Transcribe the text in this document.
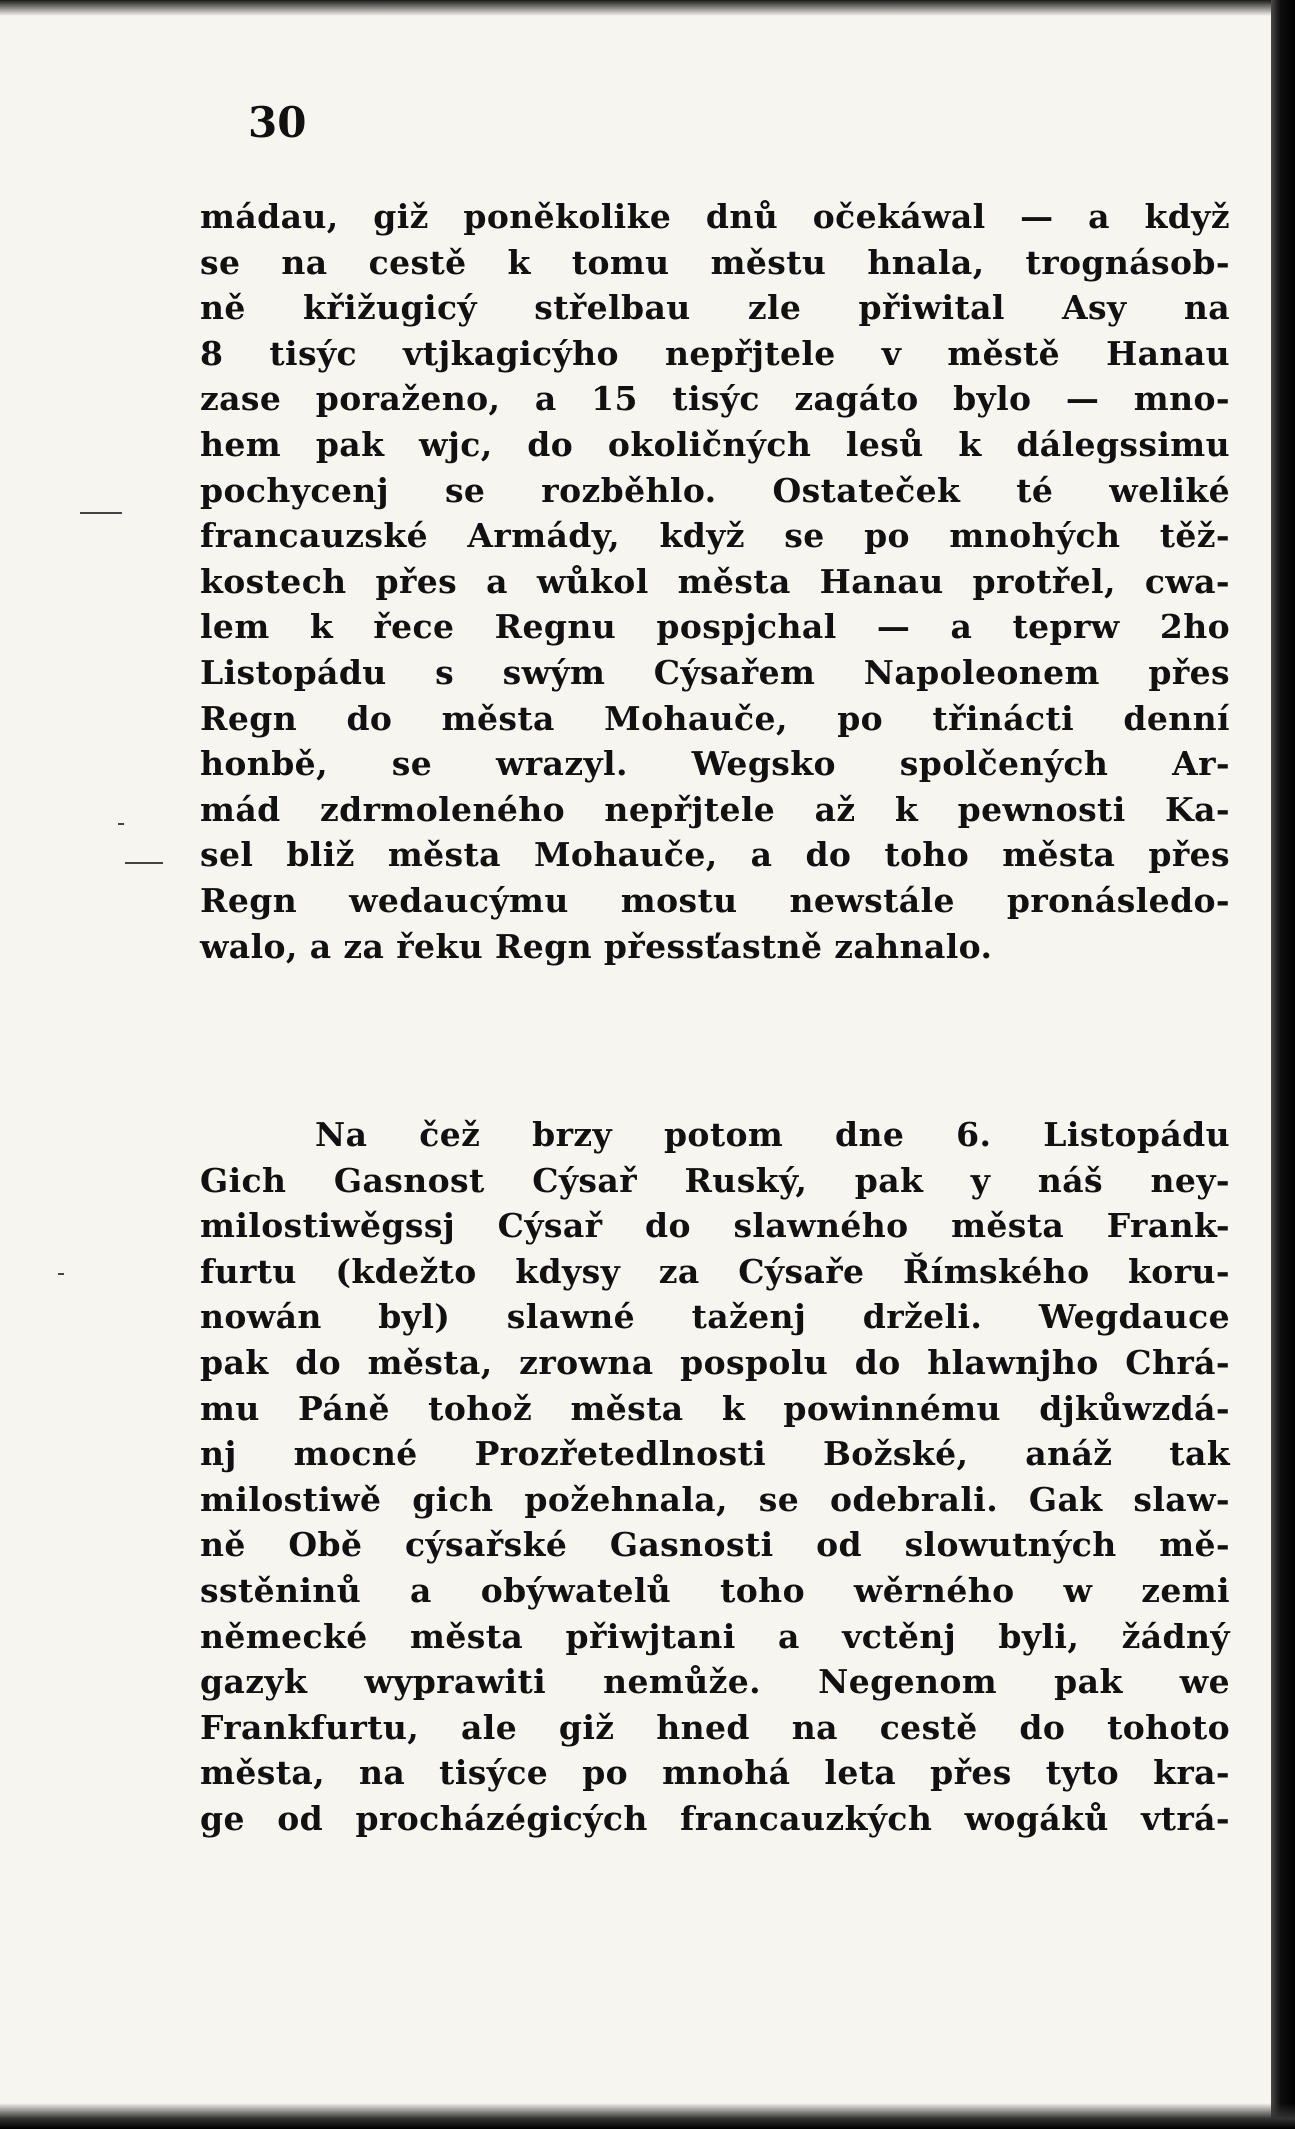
30
mádau, giž poněkolike dnů očekáwal — a když
se na cestě k tomu městu hnala, trognásob-
ně křižugicý střelbau zle přiwital Asy na
8 tisýc vtjkagicýho nepřjtele v městě Hanau
zase poraženo, a 15 tisýc zagáto bylo — mno-
hem pak wjc, do okoličných lesů k dálegssimu
pochycenj se rozběhlo. Ostateček té weliké
francauzské Armády, když se po mnohých těž-
kostech přes a wůkol města Hanau protřel, cwa-
lem k řece Regnu pospjchal — a teprw 2ho
Listopádu s swým Cýsařem Napoleonem přes
Regn do města Mohauče, po třinácti denní
honbě, se wrazyl. Wegsko spolčených Ar-
mád zdrmoleného nepřjtele až k pewnosti Ka-
sel bliž města Mohauče, a do toho města přes
Regn wedaucýmu mostu newstále pronásledo-
walo, a za řeku Regn přessťastně zahnalo.
Na čež brzy potom dne 6. Listopádu
Gich Gasnost Cýsař Ruský, pak y náš ney-
milostiwěgssj Cýsař do slawného města Frank-
furtu (kdežto kdysy za Cýsaře Římského koru-
nowán byl) slawné taženj drželi. Wegdauce
pak do města, zrowna pospolu do hlawnjho Chrá-
mu Páně tohož města k powinnému djkůwzdá-
nj mocné Prozřetedlnosti Božské, anáž tak
milostiwě gich požehnala, se odebrali. Gak slaw-
ně Obě cýsařské Gasnosti od slowutných mě-
sstěninů a obýwatelů toho wěrného w zemi
německé města přiwjtani a vctěnj byli, žádný
gazyk wyprawiti nemůže. Negenom pak we
Frankfurtu, ale giž hned na cestě do tohoto
města, na tisýce po mnohá leta přes tyto kra-
ge od procházégicých francauzkých wogáků vtrá-
